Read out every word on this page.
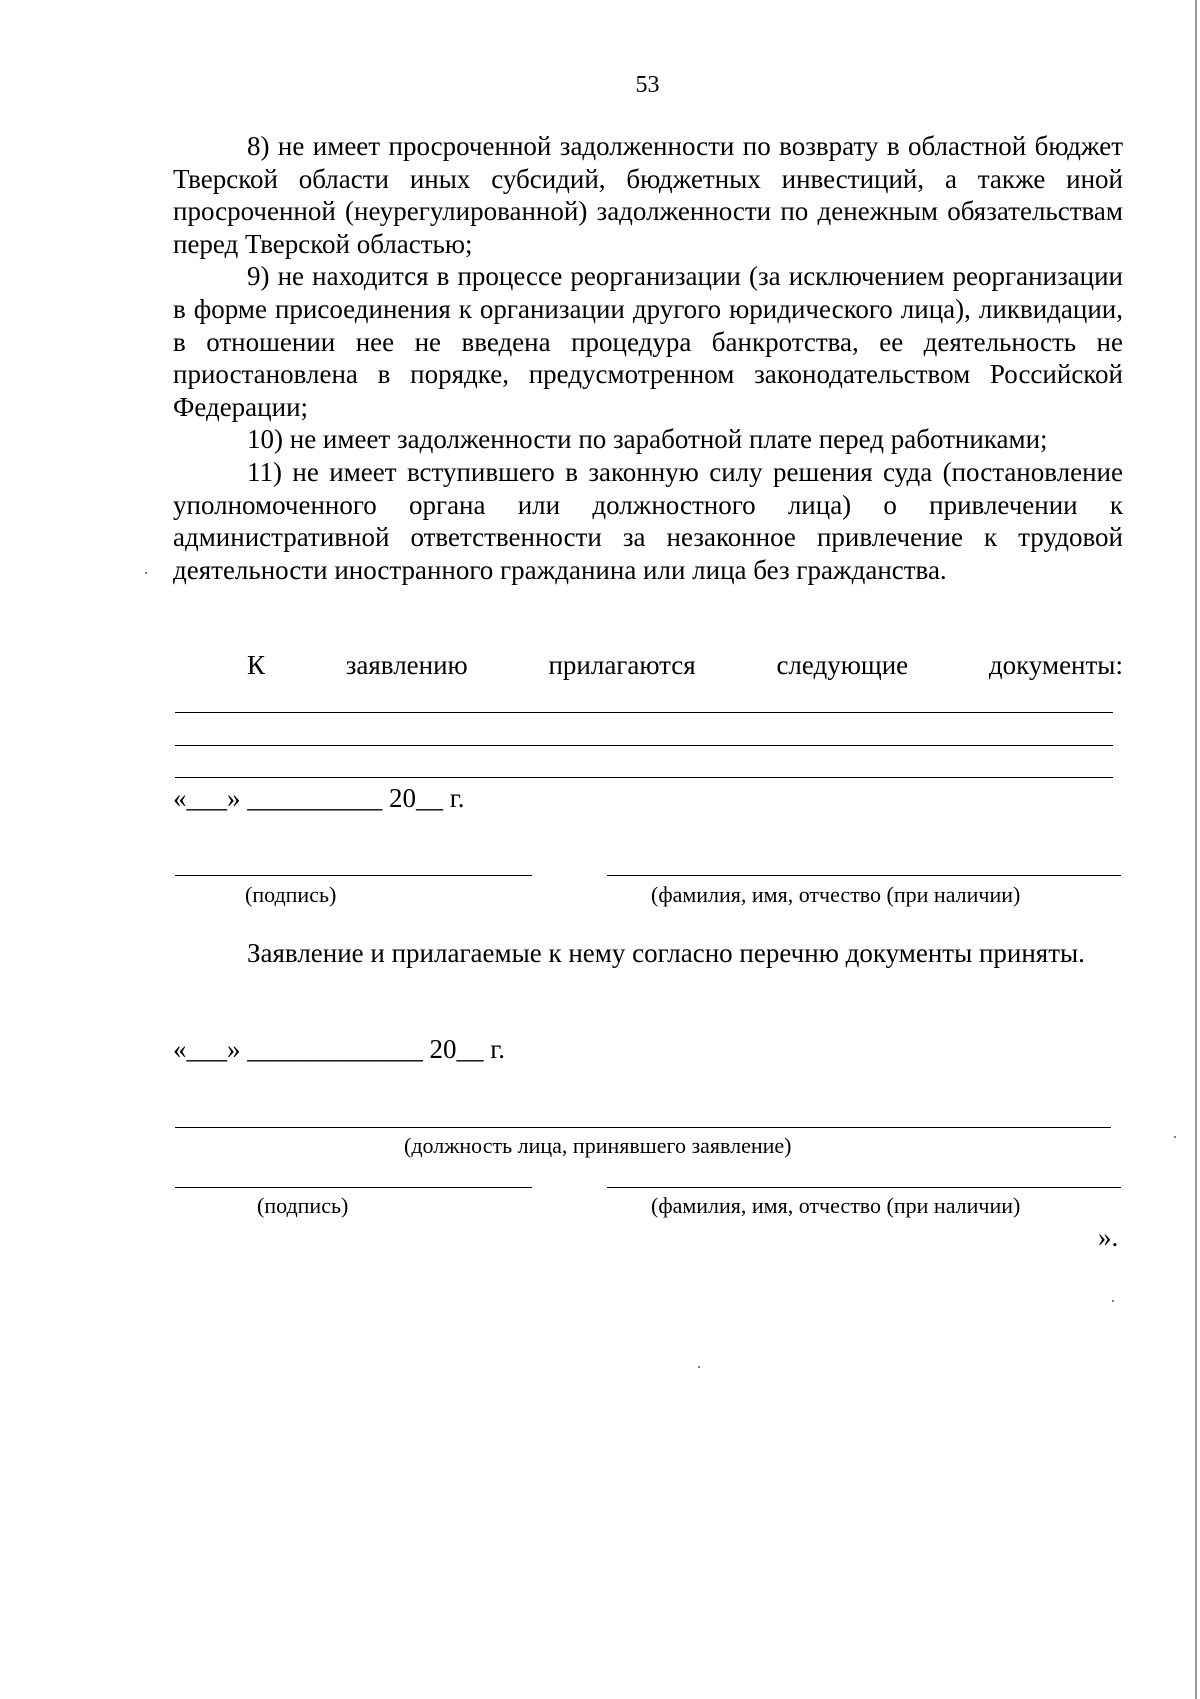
53

8) не имеет просроченной задолженности по возврату в областной бюджет Тверской области иных субсидий, бюджетных инвестиций, а также иной просроченной (неурегулированной) задолженности по денежным обязательствам перед Тверской областью;

9) не находится в процессе реорганизации (за исключением реорганизации в форме присоединения к организации другого юридического лица), ликвидации, в отношении нее не введена процедура банкротства, ее деятельность не приостановлена в порядке, предусмотренном законодательством Российской Федерации;

10) не имеет задолженности по заработной плате перед работниками;

11) не имеет вступившего в законную силу решения суда (постановление уполномоченного органа или должностного лица) о привлечении к административной ответственности за незаконное привлечение к трудовой деятельности иностранного гражданина или лица без гражданства.

К	заявлению	прилагаются	следующие	документы:
«___» __________ 20__ г.
(подпись)	(фамилия, имя, отчество (при наличии)

Заявление и прилагаемые к нему согласно перечню документы приняты.

«___» _____________ 20__ г.
(должность лица, принявшего заявление)
(подпись)	(фамилия, имя, отчество (при наличии)
».
